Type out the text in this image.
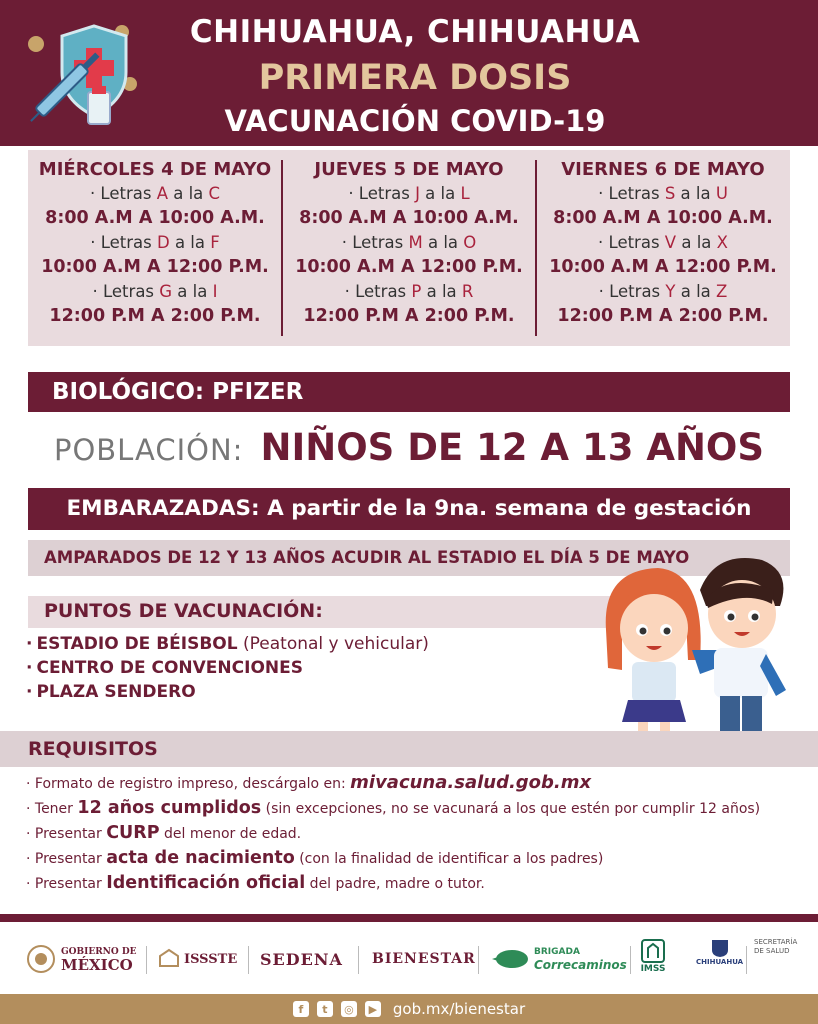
CHIHUAHUA, CHIHUAHUA
PRIMERA DOSIS
VACUNACIÓN COVID-19
MIÉRCOLES 4 DE MAYO
· Letras A a la C
8:00 A.M A 10:00 A.M.
· Letras D a la F
10:00 A.M A 12:00 P.M.
· Letras G a la I
12:00 P.M A 2:00 P.M.
JUEVES 5 DE MAYO
· Letras J a la L
8:00 A.M A 10:00 A.M.
· Letras M a la O
10:00 A.M A 12:00 P.M.
· Letras P a la R
12:00 P.M A 2:00 P.M.
VIERNES 6 DE MAYO
· Letras S a la U
8:00 A.M A 10:00 A.M.
· Letras V a la X
10:00 A.M A 12:00 P.M.
· Letras Y a la Z
12:00 P.M A 2:00 P.M.
BIOLÓGICO: PFIZER
POBLACIÓN: NIÑOS DE 12 A 13 AÑOS
EMBARAZADAS: A partir de la 9na. semana de gestación
AMPARADOS DE 12 Y 13 AÑOS ACUDIR AL ESTADIO EL DÍA 5 DE MAYO
PUNTOS DE VACUNACIÓN:
· ESTADIO DE BÉISBOL (Peatonal y vehicular)
· CENTRO DE CONVENCIONES
· PLAZA SENDERO
REQUISITOS
· Formato de registro impreso, descárgalo en: mivacuna.salud.gob.mx
· Tener 12 años cumplidos (sin excepciones, no se vacunará a los que estén por cumplir 12 años)
· Presentar CURP del menor de edad.
· Presentar acta de nacimiento (con la finalidad de identificar a los padres)
· Presentar Identificación oficial del padre, madre o tutor.
GOBIERNO DE
MÉXICO	ISSSTE SEDENA BIENESTAR	BRIGADA
Correcaminos IMSS
CHIHUAHUA
SECRETARÍA
DE SALUD
f	t	◎	▶ gob.mx/bienestar
